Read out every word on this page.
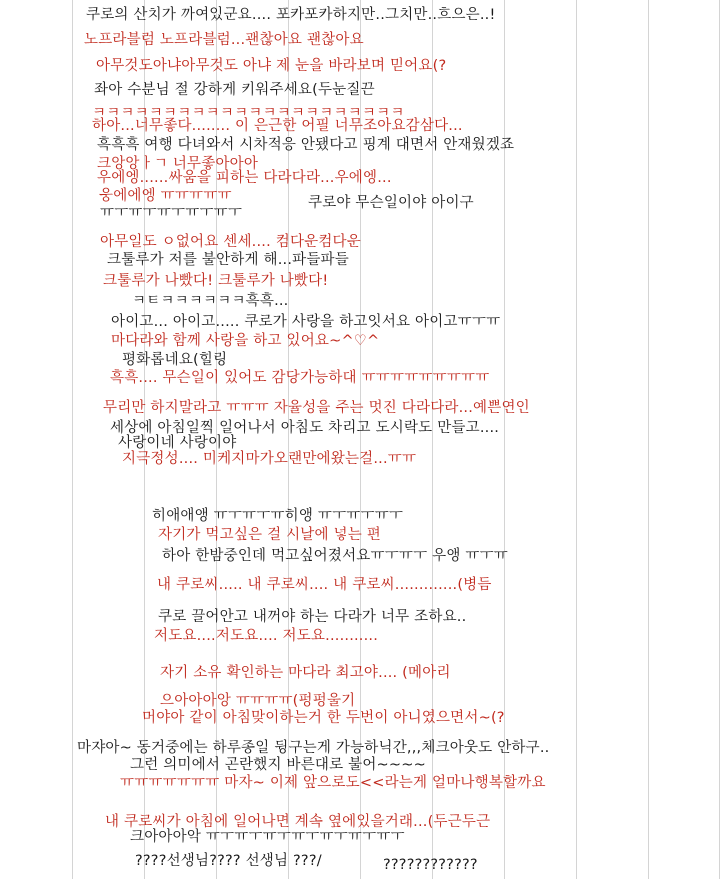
쿠로의 산치가 까여있군요.... 포카포카하지만..그치만..흐으은..!
노프라블럼 노프라블럼...괜찮아요 괜찮아요
아무것도아냐아무것도 아냐 제 눈을 바라보며 믿어요(?
좌아 수분님 절 강하게 키워주세요(두눈질끈
ㅋㅋㅋㅋㅋㅋㅋㅋㅋㅋㅋㅋㅋㅋㅋㅋㅋㅋㅋㅋㅋㅋ
하아...너무좋다........ 이 은근한 어필 너무조아요감삼다...
흑흑흑 여행 다녀와서 시차적응 안됐다고 핑계 대면서 안재웠겠죠
크앙앙ㅏㄱ 너무좋아아아
우에엥......싸움을 피하는 다라다라...우에엥...
웅에에엥 ㅠㅠㅠㅠㅠ
ㅠㅜㅠㅜㅠㅜㅠㅜㅠㅜ
쿠로야 무슨일이야 아이구
아무일도 ㅇ없어요 센세.... 컴다운컴다운
크툴루가 저를 불안하게 해...파들파들
크툴루가 나빴다! 크툴루가 나빴다!
ㅋㅌㅋㅋㅋㅋㅋㅋ흑흑...
아이고... 아이고..... 쿠로가 사랑을 하고잇서요 아이고ㅠㅜㅠ
마다라와 함께 사랑을 하고 있어요~^♡^
평화롭네요(힐링
흑흑.... 무슨일이 있어도 감당가능하대 ㅠㅠㅠㅠㅠㅠㅠㅠㅠ
무리만 하지말라고 ㅠㅠㅠ 자율성을 주는 멋진 다라다라...예쁜연인
세상에 아침일찍 일어나서 아침도 차리고 도시락도 만들고....
사랑이네 사랑이야
지극정성.... 미케지마가오랜만에왔는걸...ㅠㅠ
히애애앵 ㅠㅜㅠㅜㅠ히앵 ㅠㅜㅠㅜㅠㅜ
자기가 먹고싶은 걸 시날에 넣는 편
하아 한밤중인데 먹고싶어졌서요ㅠㅜㅠㅜ 우앵 ㅠㅜㅠ
내 쿠로씨..... 내 쿠로씨.... 내 쿠로씨.............(병듬
쿠로 끌어안고 내꺼야 하는 다라가 너무 조하요..
저도요....저도요.... 저도요...........
자기 소유 확인하는 마다라 최고야.... (메아리
으아아아앙 ㅠㅠㅠㅠ(펑펑울기
머야아 같이 아침맞이하는거 한 두번이 아니였으면서~(?
마쟈아~ 동거중에는 하루종일 뒹구는게 가능하닉간,,,체크아웃도 안하구..
그런 의미에서 곤란했지 바른대로 불어~~~~
ㅠㅠㅠㅠㅠㅠㅠ 마자~ 이제 앞으로도<<라는게 얼마나행복할까요
내 쿠로씨가 아침에 일어나면 계속 옆에있을거래...(두근두근
크아아아악 ㅠㅜㅠㅜㅠㅜㅠㅜㅠㅜㅠㅜㅠㅜ
????선생님???? 선생님 ???/	????????????
